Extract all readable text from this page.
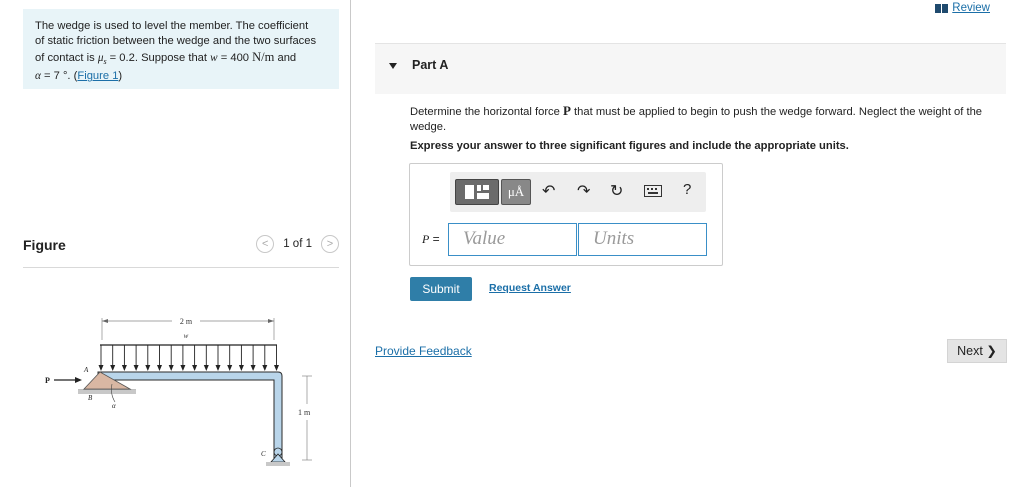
The wedge is used to level the member. The coefficient
of static friction between the wedge and the two surfaces
of contact is $\mu_s = 0.2$. Suppose that w = 400 N/m and
α = 7 °. (Figure 1)
Figure	< 1 of 1 >
2 m
w
P
A
B
α
C
1 m
Review
Part A
Determine the horizontal force P that must be applied to begin to push the wedge forward. Neglect the weight of the wedge.
Express your answer to three significant figures and include the appropriate units.
μÅ	↶ ↷ ↻	?
P =	Value	Units
Submit	Request Answer
Provide Feedback	Next ❯
